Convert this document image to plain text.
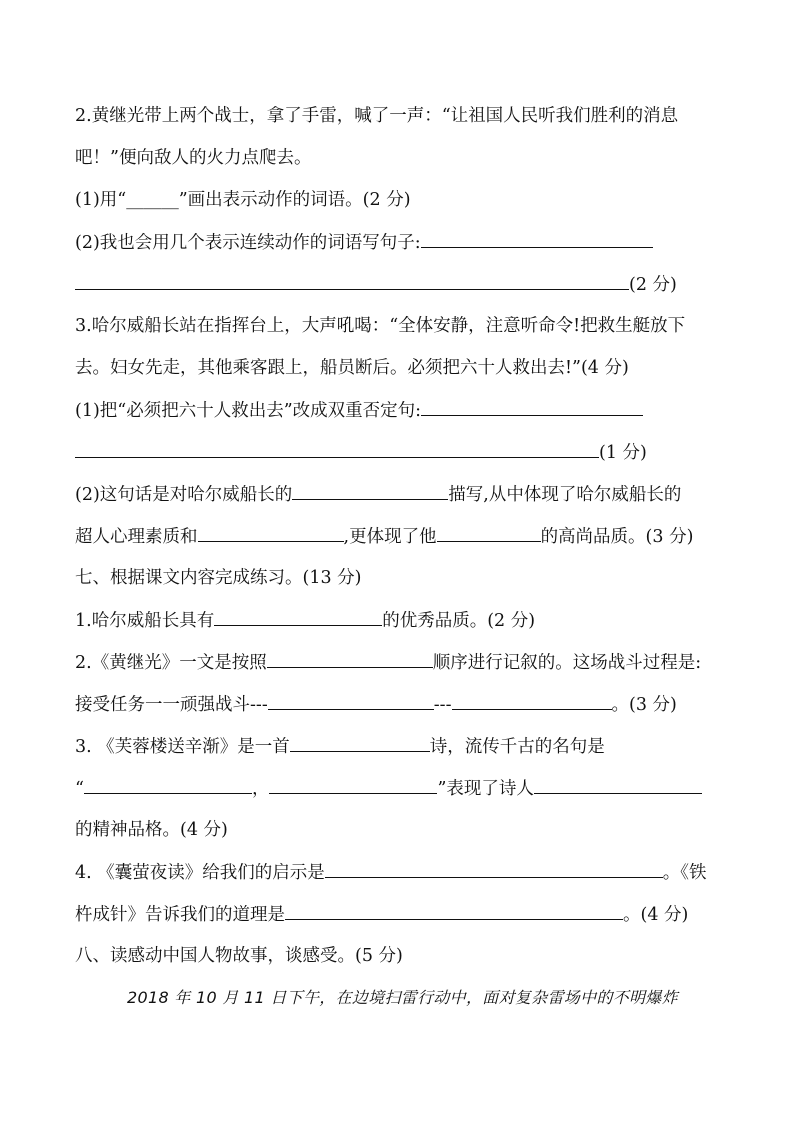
2.黄继光带上两个战士，拿了手雷，喊了一声：“让祖国人民听我们胜利的消息
吧！”便向敌人的火力点爬去。
(1)用“______”画出表示动作的词语。(2 分)
(2)我也会用几个表示连续动作的词语写句子:
(2 分)
3.哈尔威船长站在指挥台上，大声吼喝：“全体安静，注意听命令!把救生艇放下
去。妇女先走，其他乘客跟上，船员断后。必须把六十人救出去!”(4 分)
(1)把“必须把六十人救出去”改成双重否定句:
(1 分)
(2)这句话是对哈尔威船长的	描写,从中体现了哈尔威船长的
超人心理素质和	,更体现了他	的高尚品质。(3 分)
七、根据课文内容完成练习。(13 分)
1.哈尔威船长具有	的优秀品质。(2 分)
2.《黄继光》一文是按照	顺序进行记叙的。这场战斗过程是:
接受任务一一顽强战斗---	---	。(3 分)
3. 《芙蓉楼送辛渐》是一首	诗，流传千古的名句是
“	，	”表现了诗人
的精神品格。(4 分)
4. 《囊萤夜读》给我们的启示是	。《铁
杵成针》告诉我们的道理是	。(4 分)
八、读感动中国人物故事，谈感受。(5 分)
2018 年 10 月 11 日下午，在边境扫雷行动中，面对复杂雷场中的不明爆炸
